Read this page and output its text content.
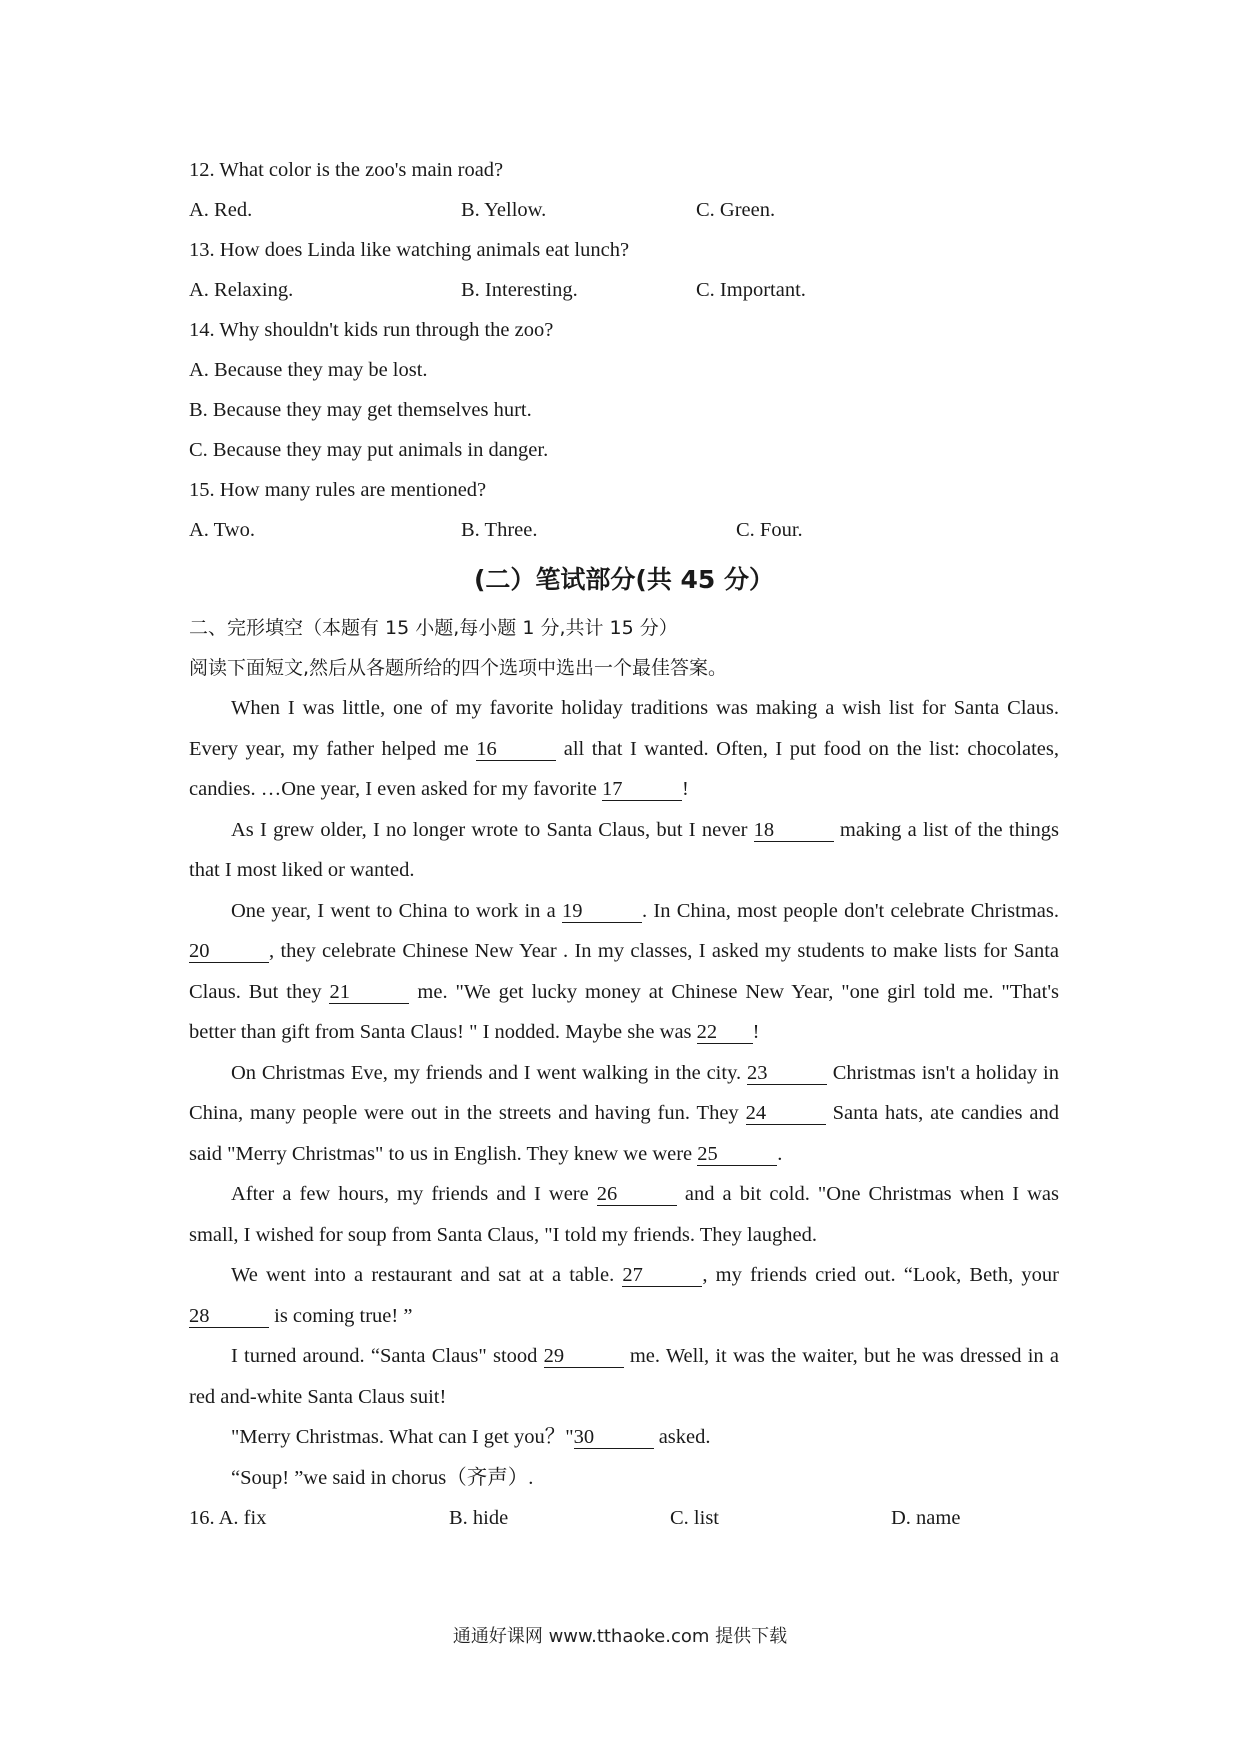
12. What color is the zoo's main road?
A. Red.	B. Yellow.	C. Green.
13. How does Linda like watching animals eat lunch?
A. Relaxing.	B. Interesting.	C. Important.
14. Why shouldn't kids run through the zoo?
A. Because they may be lost.
B. Because they may get themselves hurt.
C. Because they may put animals in danger.
15. How many rules are mentioned?
A. Two.	B. Three.	C. Four.
(二）笔试部分(共 45 分）
二、完形填空（本题有 15 小题,每小题 1 分,共计 15 分）
阅读下面短文,然后从各题所给的四个选项中选出一个最佳答案。
When I was little, one of my favorite holiday traditions was making a wish list for Santa Claus. Every year, my father helped me 16	all that I wanted. Often, I put food on the list: chocolates, candies. …One year, I even asked for my favorite 17	!
As I grew older, I no longer wrote to Santa Claus, but I never 18	making a list of the things that I most liked or wanted.
One year, I went to China to work in a 19	. In China, most people don't celebrate Christmas. 20	, they celebrate Chinese New Year . In my classes, I asked my students to make lists for Santa Claus. But they 21	me. "We get lucky money at Chinese New Year, "one girl told me. "That's better than gift from Santa Claus! " I nodded. Maybe she was 22 !
On Christmas Eve, my friends and I went walking in the city. 23	Christmas isn't a holiday in China, many people were out in the streets and having fun. They 24	Santa hats, ate candies and said "Merry Christmas" to us in English. They knew we were 25	.
After a few hours, my friends and I were 26	and a bit cold. "One Christmas when I was small, I wished for soup from Santa Claus, "I told my friends. They laughed.
We went into a restaurant and sat at a table. 27	, my friends cried out. “Look, Beth, your 28	is coming true! ”
I turned around. “Santa Claus" stood 29	me. Well, it was the waiter, but he was dressed in a red and-white Santa Claus suit!
"Merry Christmas. What can I get you？"30	asked.
“Soup! ”we said in chorus（齐声）.
16. A. fix	B. hide	C. list	D. name
通通好课网 www.tthaoke.com 提供下载
